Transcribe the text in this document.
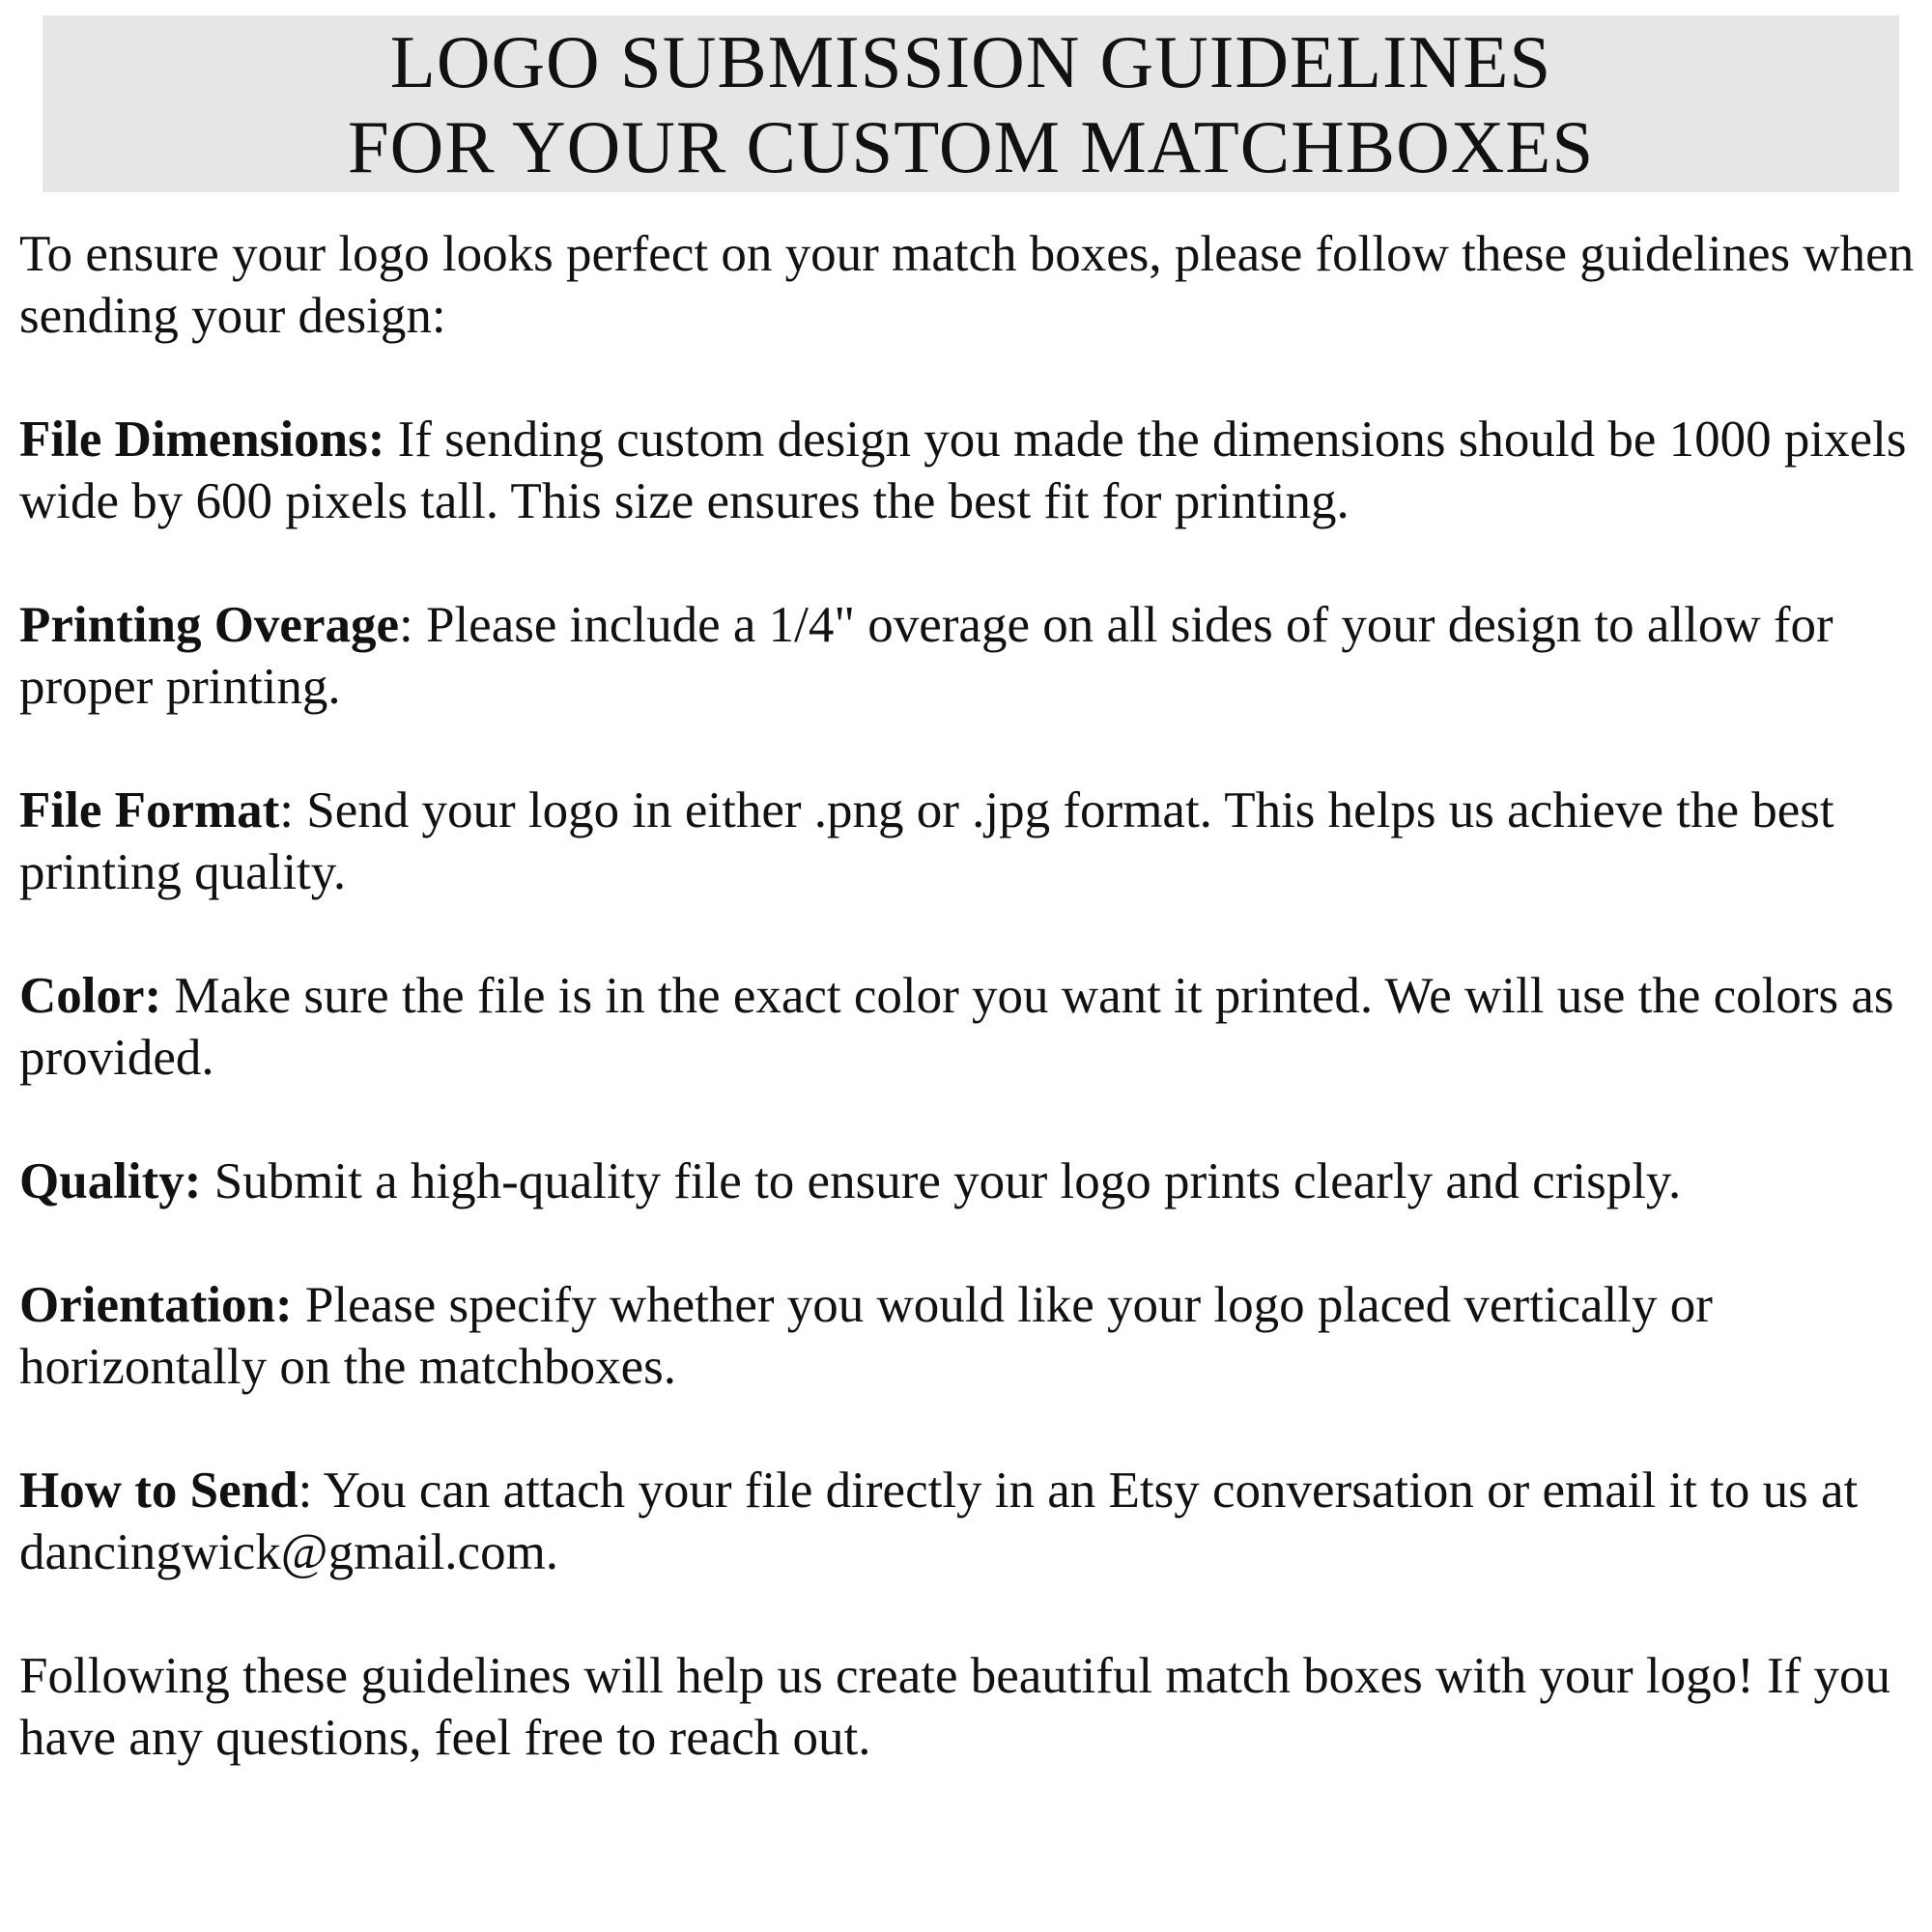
LOGO SUBMISSION GUIDELINES
FOR YOUR CUSTOM MATCHBOXES

To ensure your logo looks perfect on your match boxes, please follow these guidelines when sending your design:

File Dimensions: If sending custom design you made the dimensions should be 1000 pixels wide by 600 pixels tall. This size ensures the best fit for printing.

Printing Overage: Please include a 1/4" overage on all sides of your design to allow for proper printing.

File Format: Send your logo in either .png or .jpg format. This helps us achieve the best printing quality.

Color: Make sure the file is in the exact color you want it printed. We will use the colors as provided.

Quality: Submit a high-quality file to ensure your logo prints clearly and crisply.

Orientation: Please specify whether you would like your logo placed vertically or horizontally on the matchboxes.

How to Send: You can attach your file directly in an Etsy conversation or email it to us at dancingwick@gmail.com.

Following these guidelines will help us create beautiful match boxes with your logo! If you have any questions, feel free to reach out.
